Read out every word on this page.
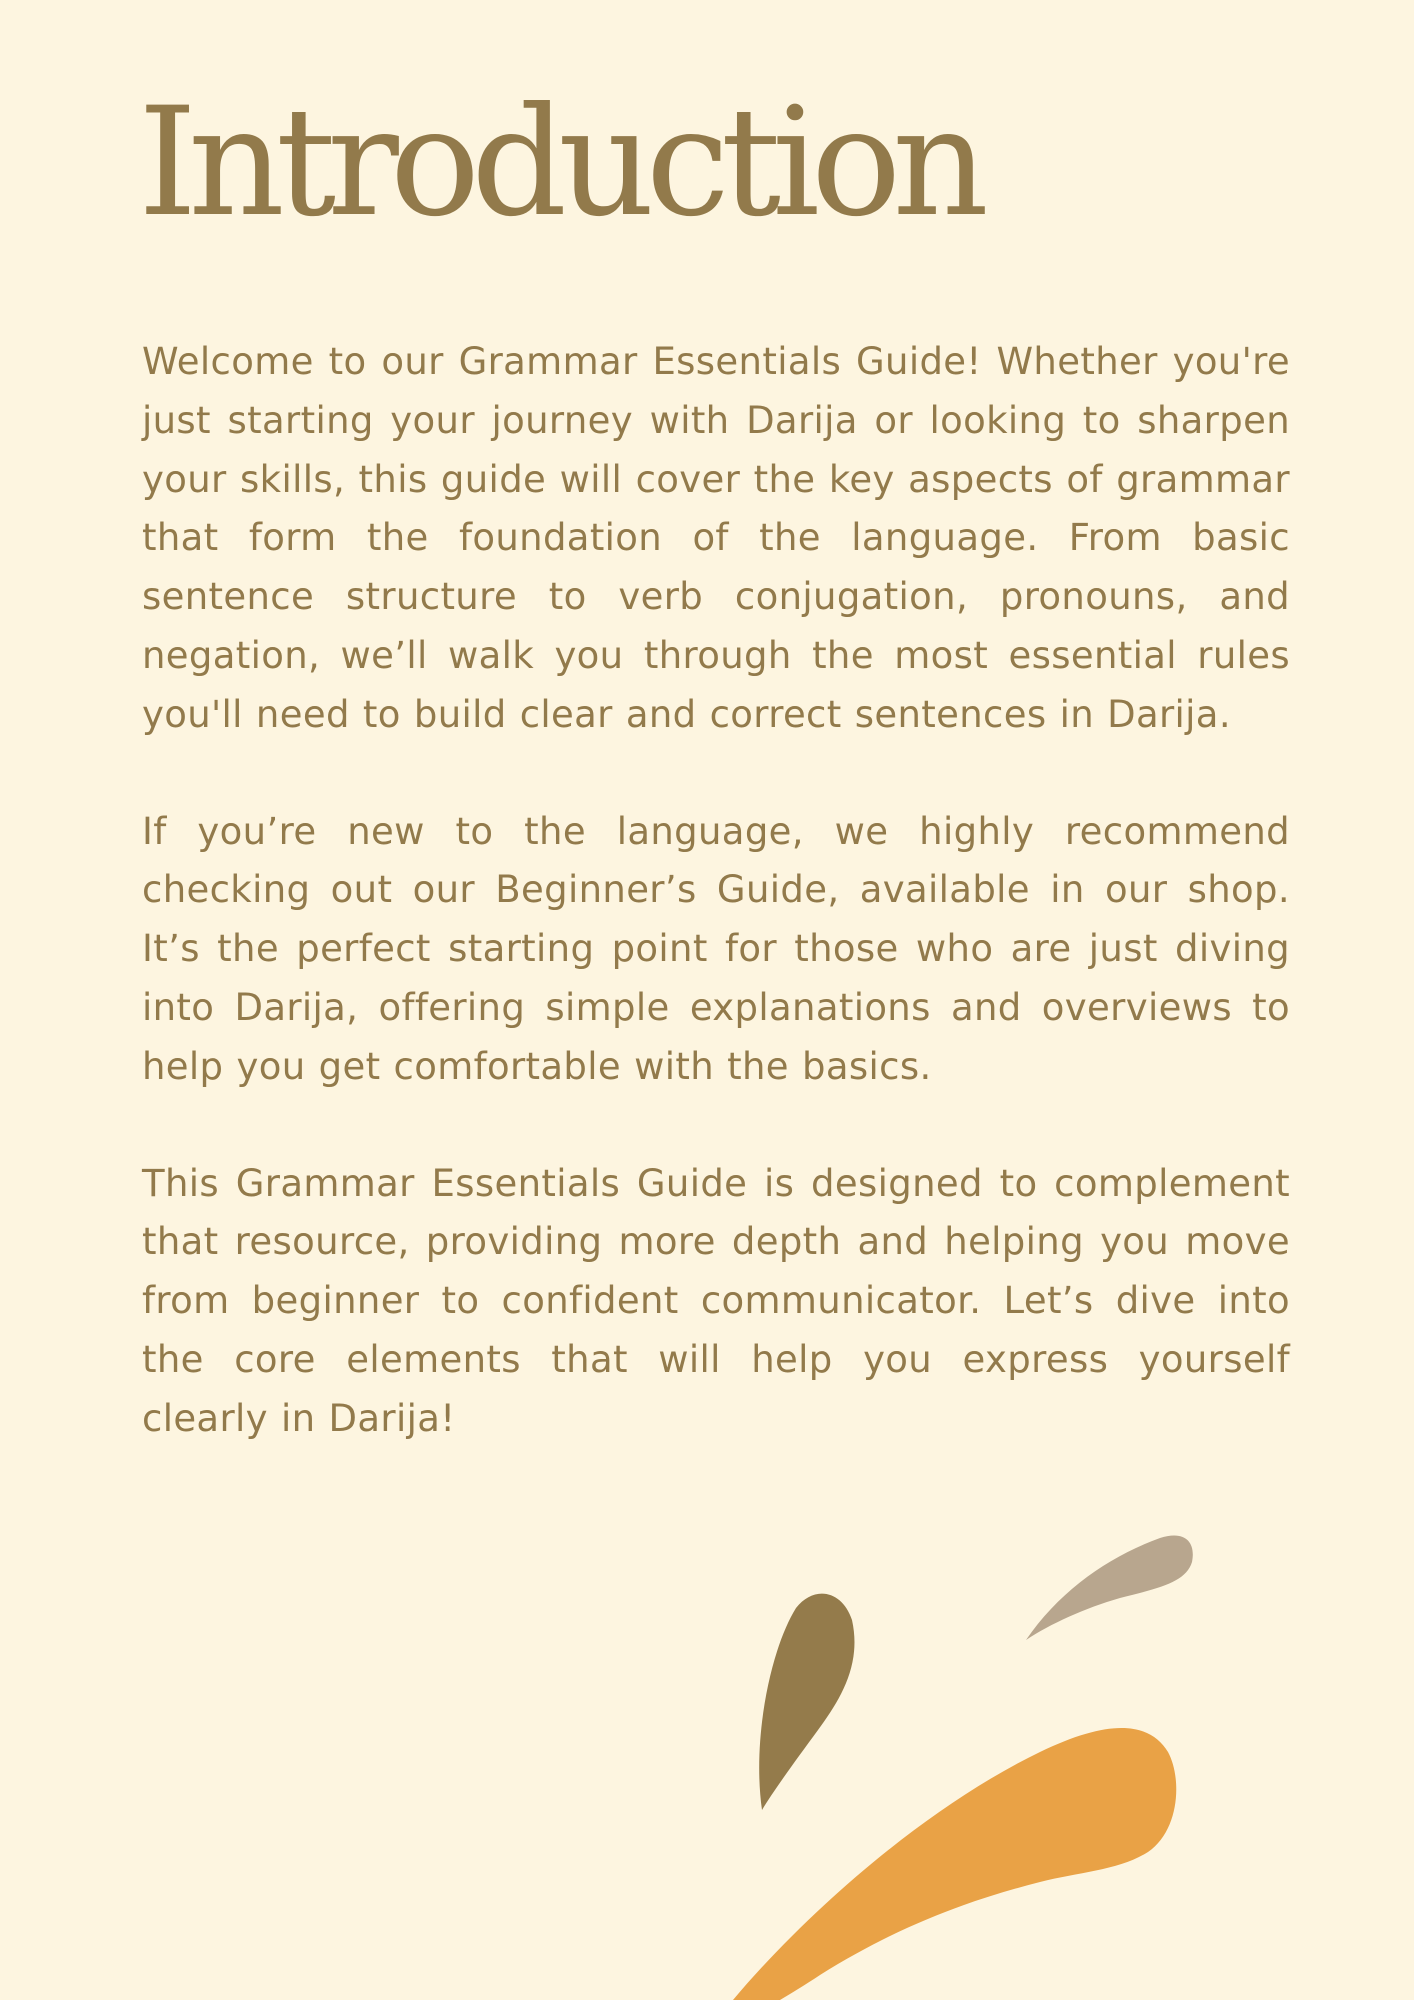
Introduction

Welcome to our Grammar Essentials Guide! Whether you're just starting your journey with Darija or looking to sharpen your skills, this guide will cover the key aspects of grammar that form the foundation of the language. From basic sentence structure to verb conjugation, pronouns, and negation, we’ll walk you through the most essential rules you'll need to build clear and correct sentences in Darija.

If you’re new to the language, we highly recommend checking out our Beginner’s Guide, available in our shop. It’s the perfect starting point for those who are just diving into Darija, offering simple explanations and overviews to help you get comfortable with the basics.

This Grammar Essentials Guide is designed to complement that resource, providing more depth and helping you move from beginner to confident communicator. Let’s dive into the core elements that will help you express yourself clearly in Darija!
